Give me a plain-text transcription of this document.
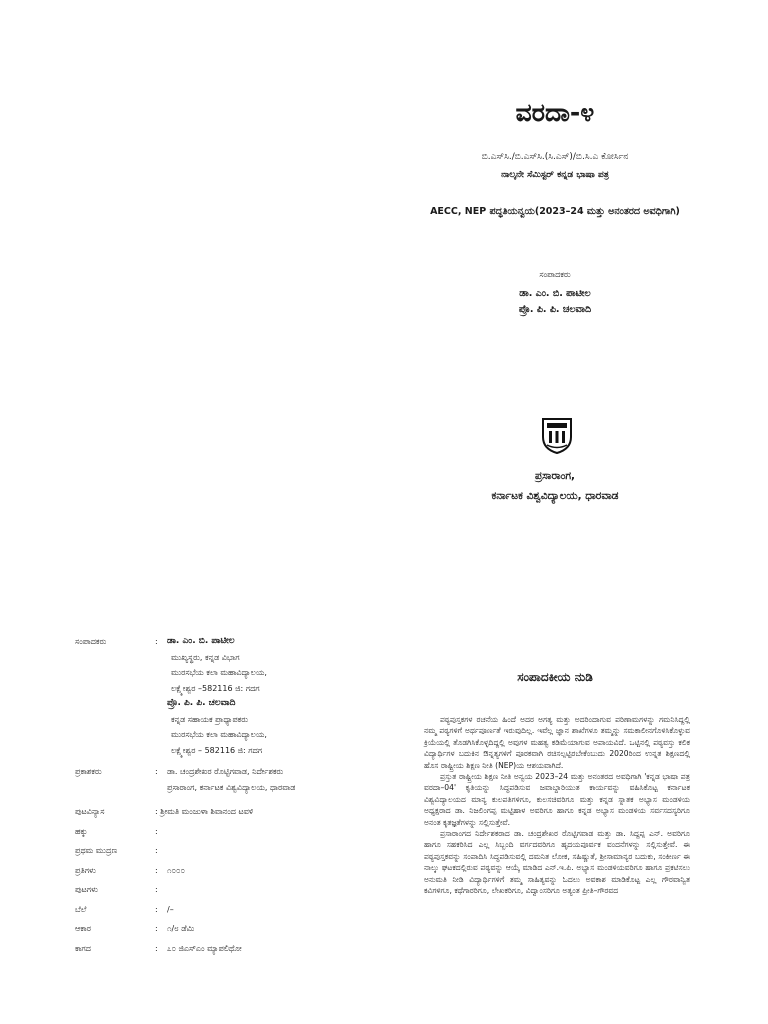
ವರದಾ-೪
ಬಿ.ಎಸ್‌ಸಿ./ಬಿ.ಎಸ್‌ಸಿ.(ಸಿ.ಎಸ್)/ಬಿ.ಸಿ.ಎ ಕೋರ್ಸಿನ
ನಾಲ್ಕನೇ ಸೆಮಿಸ್ಟರ್ ಕನ್ನಡ ಭಾಷಾ ಪತ್ರ
AECC, NEP ಪದ್ಧತಿಯನ್ವಯ(2023–24 ಮತ್ತು ಅನಂತರದ ಅವಧಿಗಾಗಿ)
ಸಂಪಾದಕರು
ಡಾ. ಎಂ. ಬಿ. ಪಾಟೀಲ
ಪ್ರೊ. ಪಿ. ಪಿ. ಚಲವಾದಿ
ಪ್ರಸಾರಾಂಗ,
ಕರ್ನಾಟಕ ವಿಶ್ವವಿದ್ಯಾಲಯ, ಧಾರವಾಡ
ಸಂಪಾದಕರು	: ಡಾ. ಎಂ. ಬಿ. ಪಾಟೀಲ
ಮುಖ್ಯಸ್ಥರು, ಕನ್ನಡ ವಿಭಾಗ
ಮುರಸಭೆಯ ಕಲಾ ಮಹಾವಿದ್ಯಾಲಯ,
ಲಕ್ಷ್ಮೇಶ್ವರ –582116 ಜಿ: ಗದಗ
ಪ್ರೊ. ಪಿ. ಪಿ. ಚಲವಾದಿ
ಕನ್ನಡ ಸಹಾಯಕ ಪ್ರಾಧ್ಯಾಪಕರು
ಮುರಸಭೆಯ ಕಲಾ ಮಹಾವಿದ್ಯಾಲಯ,
ಲಕ್ಷ್ಮೇಶ್ವರ – 582116 ಜಿ: ಗದಗ
ಪ್ರಕಾಶಕರು	: ಡಾ. ಚಂದ್ರಶೇಖರ ರೊಟ್ಟಿಗವಾಡ, ನಿರ್ದೇಶಕರು
ಪ್ರಸಾರಾಂಗ, ಕರ್ನಾಟಕ ವಿಶ್ವವಿದ್ಯಾಲಯ, ಧಾರವಾಡ
ಪುಟವಿನ್ಯಾಸ	: ಶ್ರೀಮತಿ ಮಂಜುಳಾ ಶಿವಾನಂದ ಟವಳಿ
ಹಕ್ಕು	:
ಪ್ರಥಮ ಮುದ್ರಣ	:
ಪ್ರತಿಗಳು	: ೧೦೦೦
ಪುಟಗಳು	:
ಬೆಲೆ	: /–
ಆಕಾರ	: ೧/೮ ಡೆಮಿ
ಕಾಗದ	: ೭೦ ಜಿಎಸ್‌ಎಂ ಮ್ಯಾಪಲಿಥೋ
ಸಂಪಾದಕೀಯ ನುಡಿ

ಪಠ್ಯಪುಸ್ತಕಗಳ ರಚನೆಯ ಹಿಂದೆ ಅದರ ಅಗತ್ಯ ಮತ್ತು ಅದರಿಂದಾಗುವ ಪರಿಣಾಮಗಳನ್ನು ಗಮನಿಸಿದ್ದಲ್ಲಿ ನಮ್ಮ ಪಠ್ಯಗಳಿಗೆ ಅರ್ಥಪೂರ್ಣತೆ ಇರುವುದಿಲ್ಲ. ಇವೆಲ್ಲ ಜ್ಞಾನ ಶಾಖೆಗಳೂ ತಮ್ಮನ್ನು ಸಮಕಾಲೀನಗೊಳಿಸಿಕೊಳ್ಳುವ ಕ್ರಿಯೆಯಲ್ಲಿ ತೊಡಗಿಸಿಕೊಳ್ಳದಿದ್ದಲ್ಲಿ ಅವುಗಳ ಮಹತ್ವ ಕಡಿಮೆಯಾಗುವ ಅಪಾಯವಿದೆ. ಒಟ್ಟಿನಲ್ಲಿ ಪಠ್ಯವಸ್ತು ಕಲಿಕ ವಿದ್ಯಾರ್ಥಿಗಳ ಬದುಕಿನ ಔನ್ನತ್ಯಗಳಿಗೆ ಪೂರಕವಾಗಿ ರಚಿಸಲ್ಪಟ್ಟಿರಬೇಕೆಂಬುದು 2020ರಿಂದ ಉನ್ನತ ಶಿಕ್ಷಣದಲ್ಲಿ ಹೊಸ ರಾಷ್ಟ್ರೀಯ ಶಿಕ್ಷಣ ನೀತಿ (NEP)ಯ ಆಶಯವಾಗಿದೆ.

ಪ್ರಸ್ತುತ ರಾಷ್ಟ್ರೀಯ ಶಿಕ್ಷಣ ನೀತಿ ಅನ್ವಯ 2023–24 ಮತ್ತು ಅನಂತರದ ಅವಧಿಗಾಗಿ 'ಕನ್ನಡ ಭಾಷಾ ಪತ್ರ ವರದಾ–04' ಕೃತಿಯನ್ನು ಸಿದ್ಧಪಡಿಸುವ ಜವಾಬ್ದಾರಿಯುತ ಕಾರ್ಯವನ್ನು ವಹಿಸಿಕೊಟ್ಟ ಕರ್ನಾಟಕ ವಿಶ್ವವಿದ್ಯಾಲಯದ ಮಾನ್ಯ ಕುಲಪತಿಗಳಿಗೂ, ಕುಲಸಚಿವರಿಗೂ ಮತ್ತು ಕನ್ನಡ ಸ್ನಾತಕ ಅಭ್ಯಾಸ ಮಂಡಳಿಯ ಅಧ್ಯಕ್ಷರಾದ ಡಾ. ನಿಜಲಿಂಗಪ್ಪ ಮಟ್ಟಿಹಾಳ ಅವರಿಗೂ ಹಾಗೂ ಕನ್ನಡ ಅಭ್ಯಾಸ ಮಂಡಳಿಯ ಸರ್ವಸದಸ್ಯರಿಗೂ ಅನಂತ ಕೃತಜ್ಞತೆಗಳನ್ನು ಸಲ್ಲಿಸುತ್ತೇವೆ.

ಪ್ರಸಾರಾಂಗದ ನಿರ್ದೇಶಕರಾದ ಡಾ. ಚಂದ್ರಶೇಖರ ರೊಟ್ಟಿಗವಾಡ ಮತ್ತು ಡಾ. ಸಿದ್ದಪ್ಪ ಎನ್. ಅವರಿಗೂ ಹಾಗೂ ಸಹಕರಿಸಿದ ಎಲ್ಲ ಸಿಬ್ಬಂದಿ ವರ್ಗದವರಿಗೂ ಹೃದಯಪೂರ್ವಕ ವಂದನೆಗಳನ್ನು ಸಲ್ಲಿಸುತ್ತೇವೆ. ಈ ಪಠ್ಯಪುಸ್ತಕವನ್ನು ಸಂಪಾದಿಸಿ ಸಿದ್ಧಪಡಿಸುವಲ್ಲಿ ದಮನಿತ ಲೋಕ, ಸಹಿಷ್ಣುತೆ, ಶ್ರೀಸಾಮಾನ್ಯರ ಬದುಕು, ಸಂಕೀರ್ಣ ಈ ನಾಲ್ಕು ಘಟಕದಲ್ಲಿರುವ ಪಠ್ಯವನ್ನು ಆಯ್ಕೆ ಮಾಡಿದ ಎನ್.ಇ.ಪಿ. ಅಭ್ಯಾಸ ಮಂಡಳಿಯವರಿಗೂ ಹಾಗೂ ಪ್ರಕಟಿಸಲು ಅನುಮತಿ ನೀಡಿ ವಿದ್ಯಾರ್ಥಿಗಳಿಗೆ ತಮ್ಮ ಸಾಹಿತ್ಯವನ್ನು ಓದಲು ಅವಕಾಶ ಮಾಡಿಕೊಟ್ಟ ಎಲ್ಲ ಗೌರವಾನ್ವಿತ ಕವಿಗಳಿಗೂ, ಕಥೆಗಾರರಿಗೂ, ಲೇಖಕರಿಗೂ, ವಿದ್ವಾಂಸರಿಗೂ ಅತ್ಯಂತ ಪ್ರೀತಿ–ಗೌರವದ
